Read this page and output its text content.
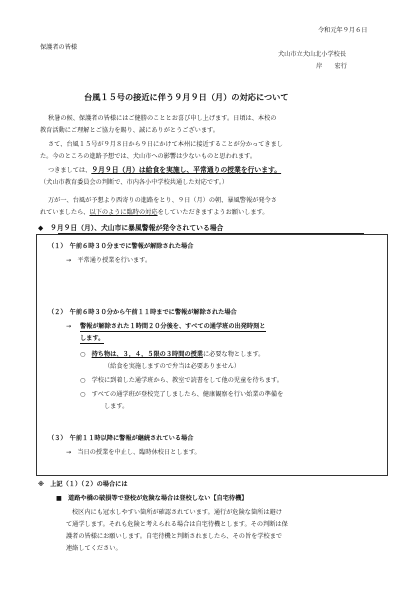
令和元年９月６日
保護者の皆様
犬山市立犬山北小学校長
岸　　宏行
台風１５号の接近に伴う９月９日（月）の対応について
秋暑の候、保護者の皆様にはご健勝のこととお喜び申し上げます。日頃は、本校の
教育活動にご理解とご協力を賜り、誠にありがとうございます。
さて、台風１５号が９月８日から９日にかけて本州に接近することが分かってきまし
た。今のところの進路予想では、犬山市への影響は少ないものと思われます。
つきましては、９月９日（月）は給食を実施し、平常通りの授業を行います。
（犬山市教育委員会の判断で、市内各小中学校共通した対応です。）
万が一、台風が予想より西寄りの進路をとり、９日（月）の朝、暴風警報が発令さ
れていましたら、以下のように臨時の対応をしていただきますようお願いします。
◆　９月９日（月）、犬山市に暴風警報が発令されている場合
（１）　午前６時３０分までに警報が解除された場合
→　平常通り授業を行います。
（２）　午前６時３０分から午前１１時までに警報が解除された場合
→ 警報が解除された１時間２０分後を、すべての通学班の出発時刻と
します。
○　持ち物は、３，４，５限の３時間の授業に必要な物とします。
（給食を実施しますので弁当は必要ありません）
○　学校に到着した通学班から、教室で読書をして他の児童を待ちます。
○　すべての通学班が登校完了しましたら、健康観察を行い始業の準備を
します。
（３）　午前１１時以降に警報が継続されている場合
→　当日の授業を中止し、臨時休校日とします。
※　上記（１）（２）の場合には
■　道路や橋の破損等で登校が危険な場合は登校しない【自宅待機】
校区内にも冠水しやすい箇所が確認されています。通行が危険な箇所は避け
て通学します。それも危険と考えられる場合は自宅待機とします。その判断は保
護者の皆様にお願いします。自宅待機と判断されましたら、その旨を学校まで
連絡してください。
